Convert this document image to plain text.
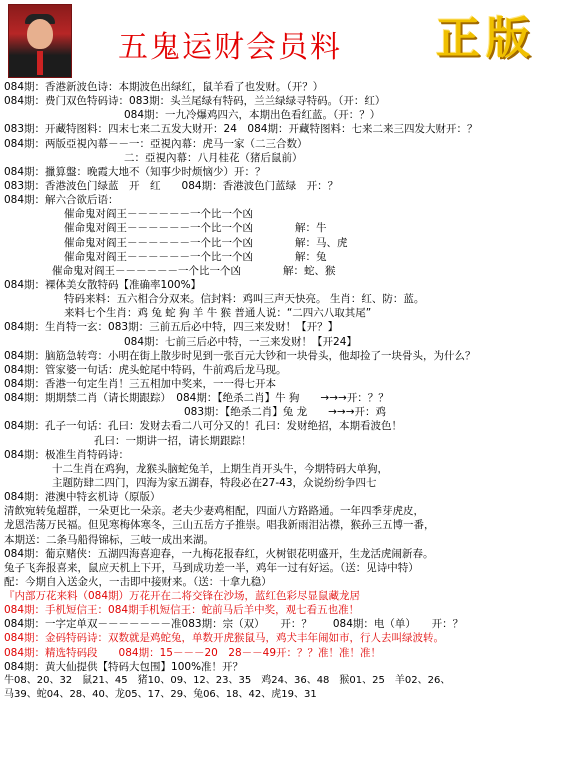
五鬼运财会员料 正版
084期：香港新波色诗：本期波色出绿红，鼠羊看了也发财。（开？）
084期：费门双色特码诗：083期：头兰尾绿有特码，兰兰绿绿寻特码。（开：红）
084期：一九冷爆鸡四六，本期出色看红蓝。（开：？）
083期：开藏特图料：四末七来二五发大财开：24　084期：开藏特图料：七来二来三四发大财开：？
084期：两版亞視內幕－－一：亞視內幕：虎马一家（二三合数）
二：亞視內幕：八月桂花（猪后鼠前）
084期：擸算盤：晚霞大地不（知事少时烦恼少）开：？
083期：香港波色门绿蓝　开　红　　084期：香港波色门蓝绿　开：？
084期：解六合欲后语：
催命鬼对阎王－－－－－－一个比一个凶
催命鬼对阎王－－－－－－一个比一个凶　　　　解：牛
催命鬼对阎王－－－－－－一个比一个凶　　　　解：马、虎
催命鬼对阎王－－－－－－一个比一个凶　　　　解：兔
催命鬼对阎王－－－－－－一个比一个凶　　　　解：蛇、猴
084期：裸体美女散特码【准确率100%】
特码来料：五六相合分双来。信封料：鸡叫三声天快亮。 生肖：红、防：蓝。
来料七个生肖：鸡 兔 蛇 狗 羊 牛 猴 普通人说：“二四六八取其尾”
084期：生肖特一玄：083期：三前五后必中特，四三来发财！【开？】
084期：七前三后必中特，一三来发财！【开24】
084期：脑筋急转弯：小明在街上散步时见到一张百元大钞和一块骨头，他却捡了一块骨头，为什么？
084期：管家婆一句话：虎头蛇尾中特码，牛前鸡后龙马现。
084期：香港一句定生肖！三五相加中奖来，一一得七开本
084期：期期禁二肖（请长期跟踪）　084期：【绝杀二肖】牛 狗　　→→→开：？？
083期：【绝杀二肖】兔 龙　　→→→开：鸡
084期：孔子一句话：孔曰：发财去看二八可分又的！孔曰：发财绝招，本期看波色！
孔曰：一期讲一招，请长期跟踪！
084期：极准生肖特码诗：
十二生肖在鸡狗，龙猴头脑蛇兔羊，上期生肖开头牛，今期特码大单狗，
主题防肆二四门，四海为家五湖春，特段必在27-43，众说纷纷争四七
084期：港澳中特玄机诗（原版）
清飲宛转兔超群，一朵更比一朵亲。老夫少妻鸡相配，四面八方路路通。一年四季芽虎皮，
龙恩浩荡万民福。但见寒梅体寒冬，三山五岳方子推崇。唱我新雨泪沾襟，猴孙三五博一番，
本期送：二条马船得锦标，三岐一成出来湖。
084期：葡京赌侠：五湖四海喜迎春，一九梅花报春红，火树银花明盛开，生龙活虎闹新春。
兔子飞奔报喜来，鼠应天机上下开，马到成功差一半，鸡年一过有好运。（送：见诗中特）
配：今期自入送金火，一击即中接财来。（送：十拿九稳）
『内部万花来料（084期）万花开在二将交锋在沙场，蓝红色彩尽显鼠藏龙居
084期：手机短信王：084期手机短信王：蛇前马后羊中奖，观七看五也准！
084期：一字定单双－－－－－－－准083期：宗（双）　　开：？　　084期：电（单）　　开：？
084期：金码特码诗：双数就是鸡蛇兔，单数开虎猴鼠马，鸡犬丰年闹如市，行人去叫绿波转。
084期：精选特码段　　084期：15－－－20　28－－49开：？？准！准！准！
084期：黄大仙提供【特码大包围】100%准！开？
牛08、20、32　鼠21、45　猪10、09、12、23、35　鸡24、36、48　猴01、25　羊02、26、
马39、蛇04、28、40、龙05、17、29、兔06、18、42、虎19、31
